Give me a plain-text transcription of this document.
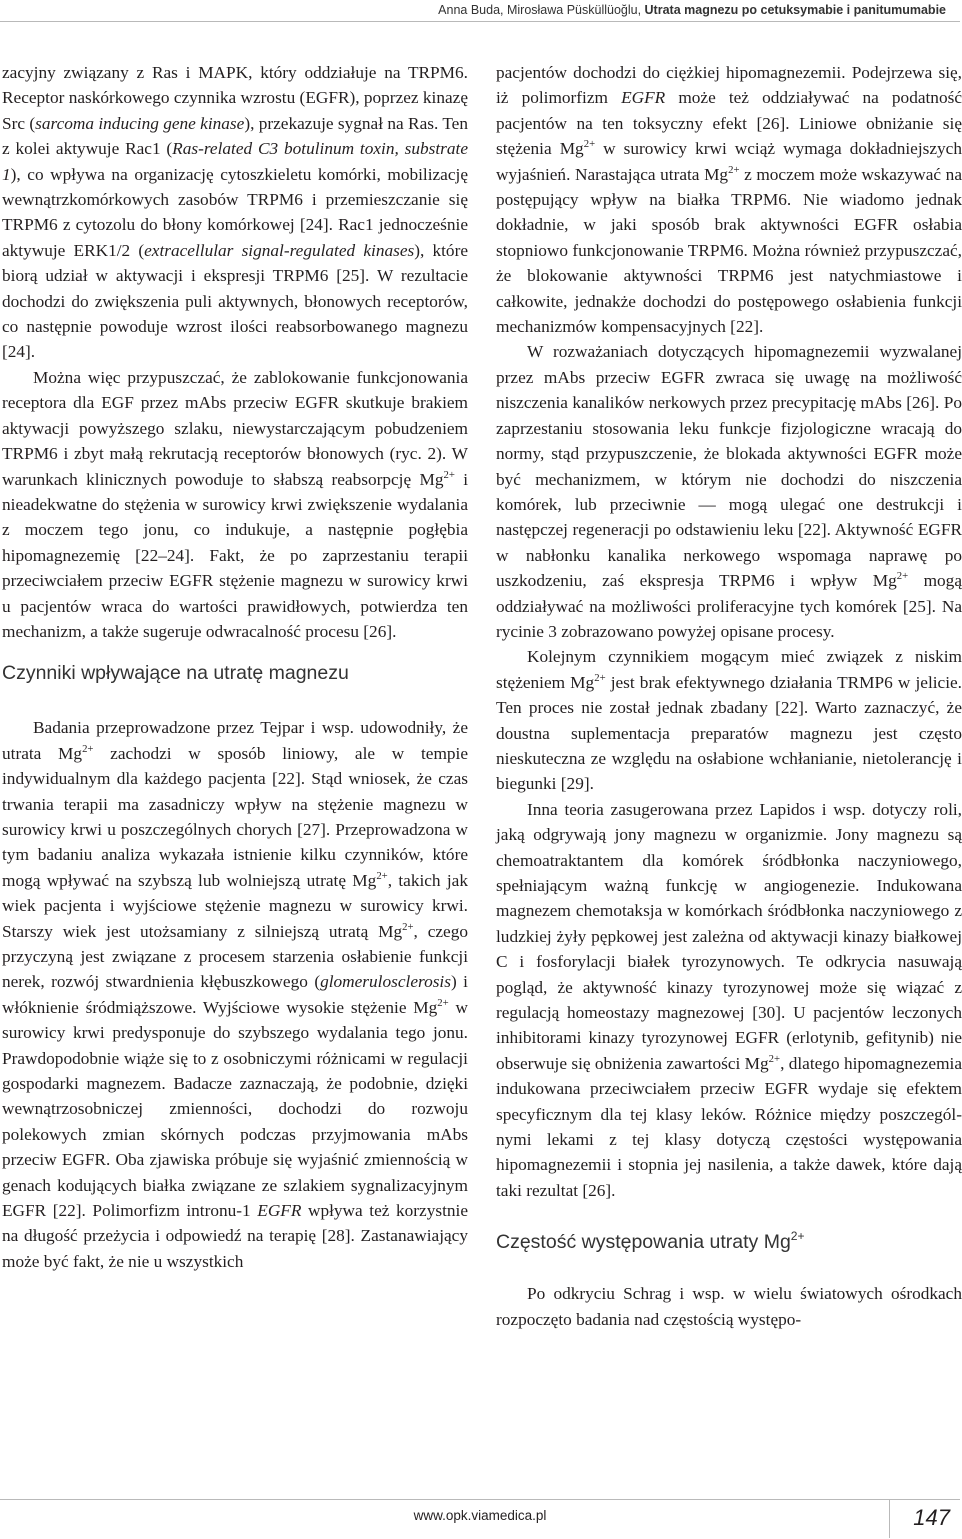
Anna Buda, Mirosława Püsküllüoğlu, Utrata magnezu po cetuksymabie i panitumumabie

zacyjny związany z Ras i MAPK, który oddziałuje na TRPM6. Receptor naskórkowego czynnika wzrostu (EGFR), poprzez kinazę Src (sarcoma inducing gene kinase), przekazuje sygnał na Ras. Ten z kolei aktywuje Rac1 (Ras-related C3 botulinum toxin, substrate 1), co wpływa na organizację cytoszkieletu komórki, mobilizację wewnątrzkomórkowych zasobów TRPM6 i przemieszczanie się TRPM6 z cytozolu do błony komórkowej [24]. Rac1 jednocześnie aktywuje ERK1/2 (extracellular signal-regulated kinases), które biorą udział w aktywacji i ekspresji TRPM6 [25]. W rezultacie dochodzi do zwiększenia puli aktywnych, błonowych receptorów, co następnie powoduje wzrost ilości reabsorbowanego magnezu [24].

Można więc przypuszczać, że zablokowanie funkcjonowania receptora dla EGF przez mAbs przeciw EGFR skutkuje brakiem aktywacji powyższego szlaku, niewystarczającym pobudzeniem TRPM6 i zbyt małą rekrutacją receptorów błonowych (ryc. 2). W warunkach klinicznych powoduje to słabszą reabsorpcję $Mg^{2+}$ i nieadekwatne do stężenia w surowicy krwi zwiększenie wydalania z moczem tego jonu, co indukuje, a następnie pogłębia hipomagnezemię [22–24]. Fakt, że po zaprzestaniu terapii przeciwciałem przeciw EGFR stężenie magnezu w surowicy krwi u pacjentów wraca do wartości prawidłowych, potwierdza ten mechanizm, a także sugeruje odwracalność procesu [26].

Czynniki wpływające na utratę magnezu

Badania przeprowadzone przez Tejpar i wsp. udowodniły, że utrata $Mg^{2+}$ zachodzi w sposób liniowy, ale w tempie indywidualnym dla każdego pacjenta [22]. Stąd wniosek, że czas trwania terapii ma zasadniczy wpływ na stężenie magnezu w surowicy krwi u poszczególnych chorych [27]. Przeprowadzona w tym badaniu analiza wykazała istnienie kilku czynników, które mogą wpływać na szybszą lub wolniejszą utratę $Mg^{2+}$, takich jak wiek pacjenta i wyjściowe stężenie magnezu w surowicy krwi. Starszy wiek jest utożsamiany z silniejszą utratą $Mg^{2+}$, czego przyczyną jest związane z procesem starzenia osłabienie funkcji nerek, rozwój stwardnienia kłębuszkowego (glomerulosclerosis) i włóknienie śródmiąższowe. Wyjściowe wysokie stężenie $Mg^{2+}$ w surowicy krwi predysponuje do szybszego wydalania tego jonu. Prawdopodobnie wiąże się to z osobniczymi różnicami w regulacji gospodarki magnezem. Badacze zaznaczają, że podobnie, dzięki wewnątrzosobniczej zmienności, dochodzi do rozwoju polekowych zmian skórnych podczas przyjmowania mAbs przeciw EGFR. Oba zjawiska próbuje się wyjaśnić zmiennością w genach kodujących białka związane ze szlakiem sygnalizacyjnym EGFR [22]. Polimorfizm intronu-1 EGFR wpływa też korzystnie na długość przeżycia i odpowiedź na terapię [28]. Zastanawiający może być fakt, że nie u wszystkich

pacjentów dochodzi do ciężkiej hipomagnezemii. Podejrzewa się, iż polimorfizm EGFR może też oddziaływać na podatność pacjentów na ten toksyczny efekt [26]. Liniowe obniżanie się stężenia $Mg^{2+}$ w surowicy krwi wciąż wymaga dokładniejszych wyjaśnień. Narastająca utrata $Mg^{2+}$ z moczem może wskazywać na postępujący wpływ na białka TRPM6. Nie wiadomo jednak dokładnie, w jaki sposób brak aktywności EGFR osłabia stopniowo funkcjonowanie TRPM6. Można również przypuszczać, że blokowanie aktywności TRPM6 jest natychmiastowe i całkowite, jednakże dochodzi do postępowego osłabienia funkcji mechanizmów kompensacyjnych [22].

W rozważaniach dotyczących hipomagnezemii wyzwalanej przez mAbs przeciw EGFR zwraca się uwagę na możliwość niszczenia kanalików nerkowych przez precypitację mAbs [26]. Po zaprzestaniu stosowania leku funkcje fizjologiczne wracają do normy, stąd przypuszczenie, że blokada aktywności EGFR może być mechanizmem, w którym nie dochodzi do niszczenia komórek, lub przeciwnie — mogą ulegać one destrukcji i następczej regeneracji po odstawieniu leku [22]. Aktywność EGFR w nabłonku kanalika nerkowego wspomaga naprawę po uszkodzeniu, zaś ekspresja TRPM6 i wpływ $Mg^{2+}$ mogą oddziaływać na możliwości proliferacyjne tych komórek [25]. Na rycinie 3 zobrazowano powyżej opisane procesy.

Kolejnym czynnikiem mogącym mieć związek z niskim stężeniem $Mg^{2+}$ jest brak efektywnego działania TRMP6 w jelicie. Ten proces nie został jednak zbadany [22]. Warto zaznaczyć, że doustna suplementacja preparatów magnezu jest często nieskuteczna ze względu na osłabione wchłanianie, nietolerancję i biegunki [29].

Inna teoria zasugerowana przez Lapidos i wsp. dotyczy roli, jaką odgrywają jony magnezu w organizmie. Jony magnezu są chemoatraktantem dla komórek śródbłonka naczyniowego, spełniającym ważną funkcję w angiogenezie. Indukowana magnezem chemotaksja w komórkach śródbłonka naczyniowego z ludzkiej żyły pępkowej jest zależna od aktywacji kinazy białkowej C i fosforylacji białek tyrozynowych. Te odkrycia nasuwają pogląd, że aktywność kinazy tyrozynowej może się wiązać z regulacją homeostazy magnezowej [30]. U pacjentów leczonych inhibitorami kinazy tyrozynowej EGFR (erlotynib, gefitynib) nie obserwuje się obniżenia zawartości $Mg^{2+}$, dlatego hipomagnezemia indukowana przeciwciałem przeciw EGFR wydaje się efektem specyficznym dla tej klasy leków. Różnice między poszczególnymi lekami z tej klasy dotyczą częstości występowania hipomagnezemii i stopnia jej nasilenia, a także dawek, które dają taki rezultat [26].

Częstość występowania utraty $Mg^{2+}$

Po odkryciu Schrag i wsp. w wielu światowych ośrodkach rozpoczęto badania nad częstością występo-

www.opk.viamedica.pl	147
